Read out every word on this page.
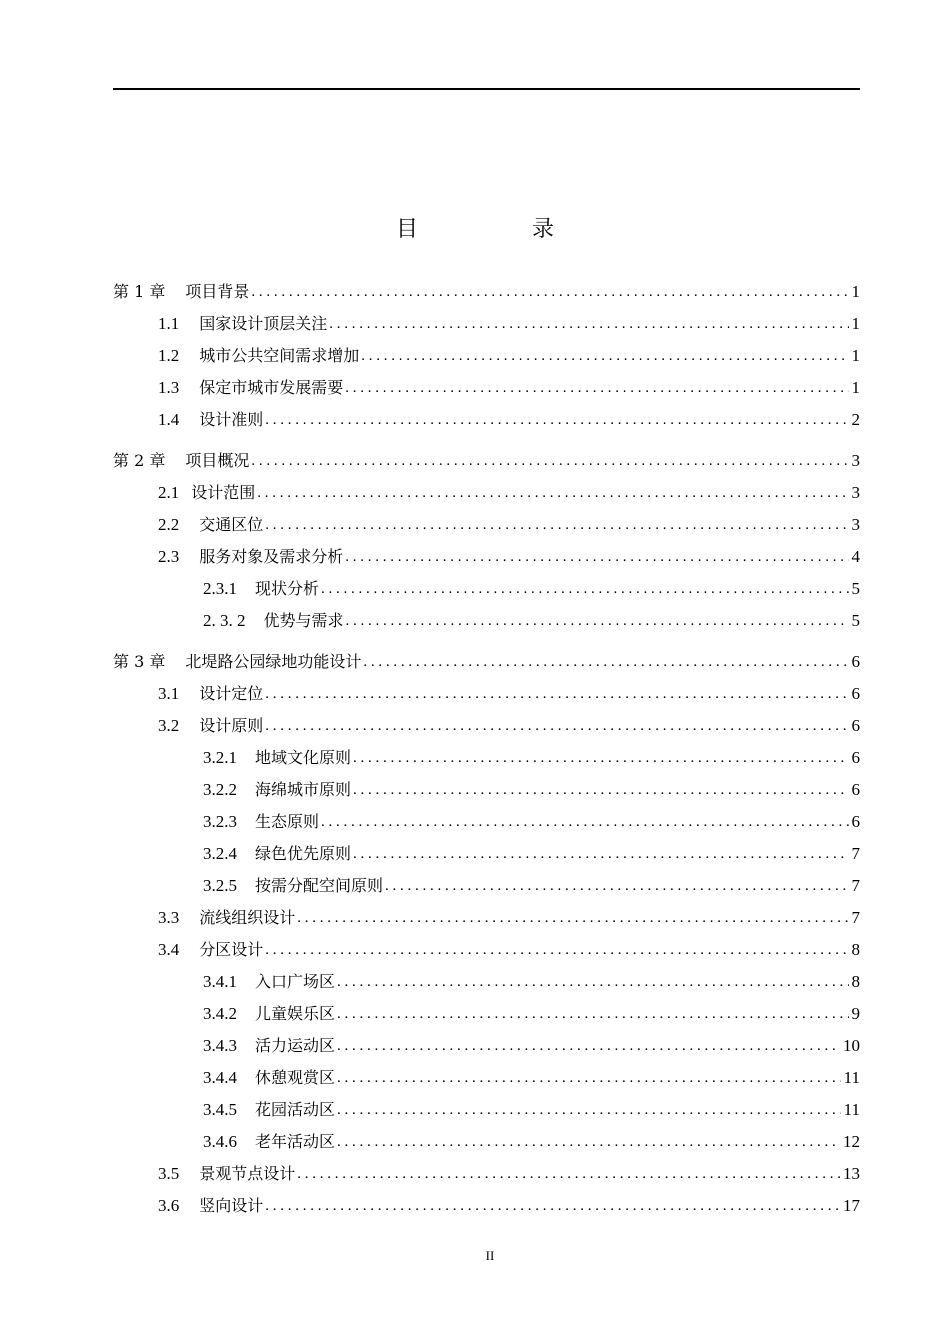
目　录
第 1 章 项目背景 . . .	1
1.1 国家设计顶层关注 . . .	1
1.2 城市公共空间需求增加 . . .	1
1.3 保定市城市发展需要 . . .	1
1.4 设计准则 . . .	2
第 2 章 项目概况 . . .	3
2.1 设计范围 . . .	3
2.2 交通区位 . . .	3
2.3 服务对象及需求分析 . . .	4
2.3.1 现状分析 . . .	5
2. 3. 2 优势与需求 . . .	5
第 3 章 北堤路公园绿地功能设计 . . .	6
3.1 设计定位 . . .	6
3.2 设计原则 . . .	6
3.2.1 地域文化原则 . . .	6
3.2.2 海绵城市原则 . . .	6
3.2.3 生态原则 . . .	6
3.2.4 绿色优先原则 . . .	7
3.2.5 按需分配空间原则 . . .	7
3.3 流线组织设计 . . .	7
3.4 分区设计 . . .	8
3.4.1 入口广场区 . . .	8
3.4.2 儿童娱乐区 . . .	9
3.4.3 活力运动区 . . .	10
3.4.4 休憩观赏区 . . .	11
3.4.5 花园活动区 . . .	11
3.4.6 老年活动区 . . .	12
3.5 景观节点设计 . . .	13
3.6 竖向设计 . . .	17
II
